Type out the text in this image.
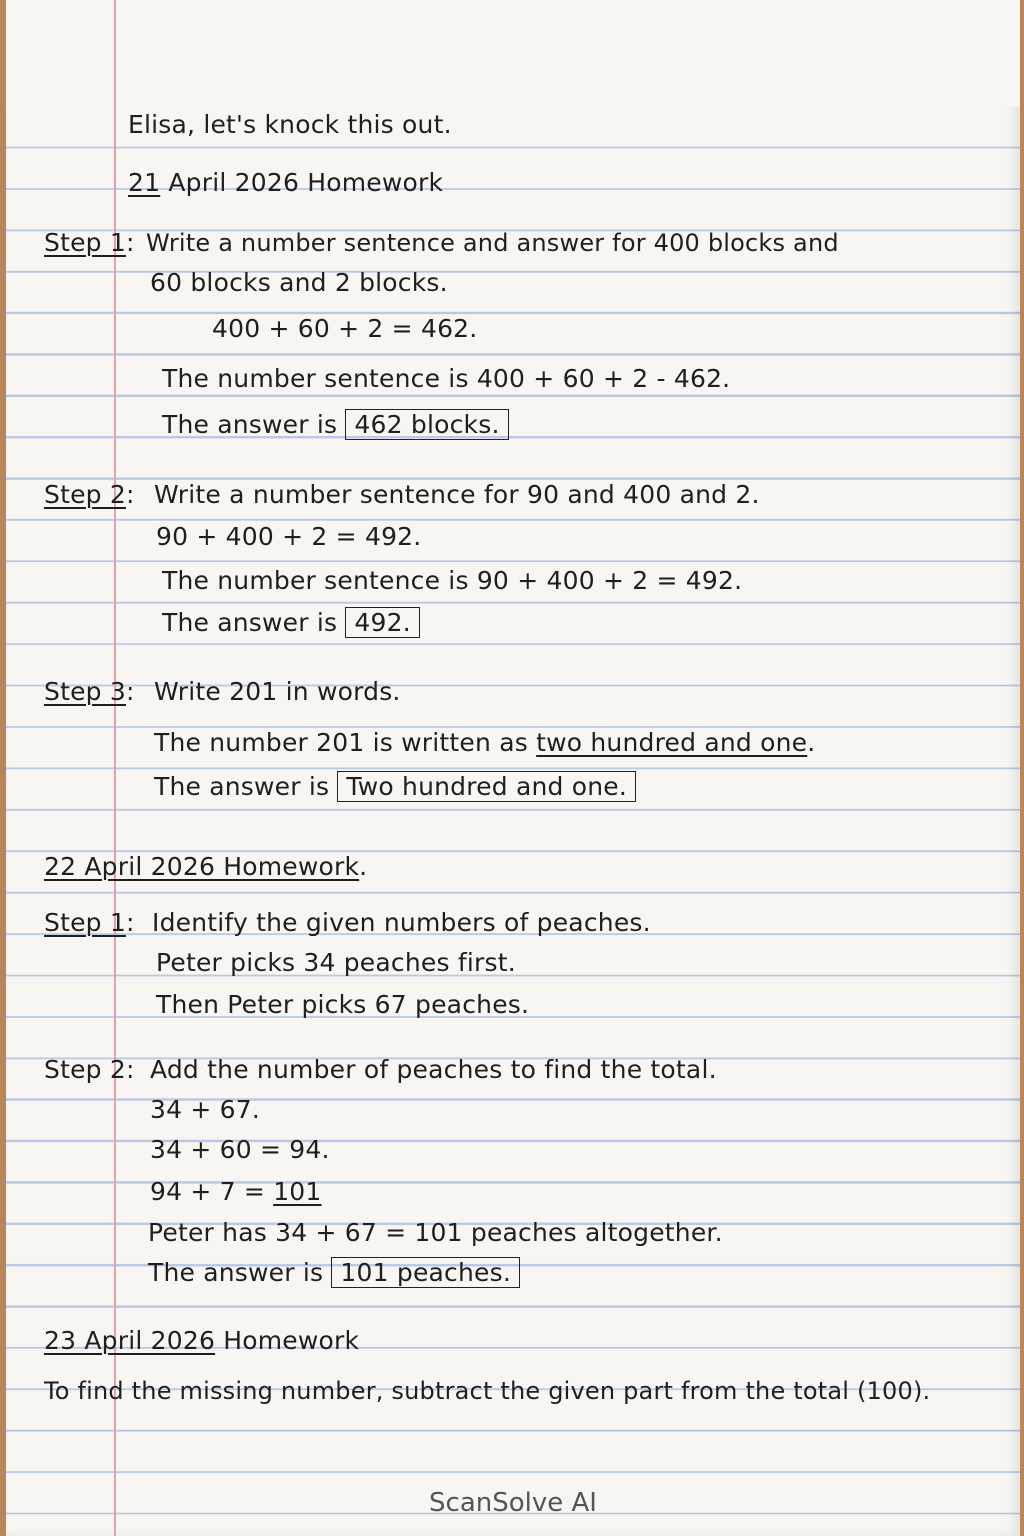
Elisa, let's knock this out.

21 April 2026 Homework

Step 1: Write a number sentence and answer for 400 blocks and

60 blocks and 2 blocks.

400 + 60 + 2 = 462.

The number sentence is 400 + 60 + 2 - 462.

The answer is 462 blocks.

Step 2: Write a number sentence for 90 and 400 and 2.

90 + 400 + 2 = 492.

The number sentence is 90 + 400 + 2 = 492.

The answer is 492.

Step 3: Write 201 in words.

The number 201 is written as two hundred and one.

The answer is Two hundred and one.

22 April 2026 Homework.

Step 1: Identify the given numbers of peaches.

Peter picks 34 peaches first.

Then Peter picks 67 peaches.

Step 2: Add the number of peaches to find the total.

34 + 67.

34 + 60 = 94.

94 + 7 = 101

Peter has 34 + 67 = 101 peaches altogether.

The answer is 101 peaches.

23 April 2026 Homework

To find the missing number, subtract the given part from the total (100).

ScanSolve AI
